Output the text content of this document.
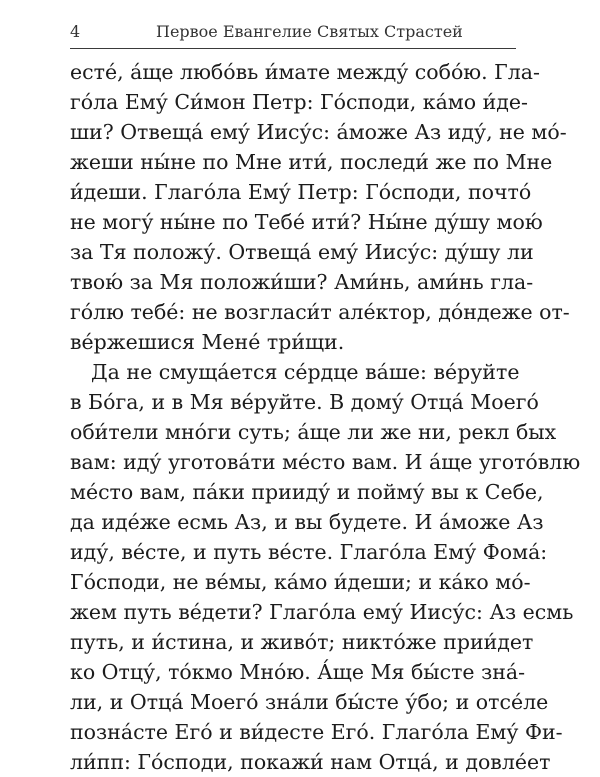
4	Первое Евангелие Святых Страстей

есте́, а́ще любо́вь и́мате между́ собо́ю. Гла-
го́ла Ему́ Си́мон Петр: Го́споди, ка́мо и́де-
ши? Отвеща́ ему́ Иису́с: а́може Аз иду́, не мо́-
жеши ны́не по Мне ити́, последи́ же по Мне
и́деши. Глаго́ла Ему́ Петр: Го́споди, почто́
не могу́ ны́не по Тебе́ ити́? Ны́не ду́шу мою́
за Тя положу́. Отвеща́ ему́ Иису́с: ду́шу ли
твою́ за Мя положи́ши? Ами́нь, ами́нь гла-
го́лю тебе́: не возгласи́т але́ктор, до́ндеже от-
ве́ржешися Мене́ три́щи.

Да не смуща́ется се́рдце ва́ше: ве́руйте
в Бо́га, и в Мя ве́руйте. В дому́ Отца́ Моего́
оби́тели мно́ги суть; а́ще ли же ни, рекл бых
вам: иду́ уготова́ти ме́сто вам. И а́ще угото́влю
ме́сто вам, па́ки прииду́ и пойму́ вы к Себе,
да иде́же есмь Аз, и вы будете. И а́може Аз
иду́, ве́сте, и путь ве́сте. Глаго́ла Ему́ Фома́:
Го́споди, не ве́мы, ка́мо и́деши; и ка́ко мо́-
жем путь ве́дети? Глаго́ла ему́ Иису́с: Аз есмь
путь, и и́стина, и живо́т; никто́же прии́дет
ко Отцу́, то́кмо Мно́ю. А́ще Мя бы́сте зна́-
ли, и Отца́ Моего́ зна́ли бы́сте у́бо; и отсе́ле
позна́сте Его́ и ви́десте Его́. Глаго́ла Ему́ Фи-
ли́пп: Го́споди, покажи́ нам Отца́, и довле́ет
